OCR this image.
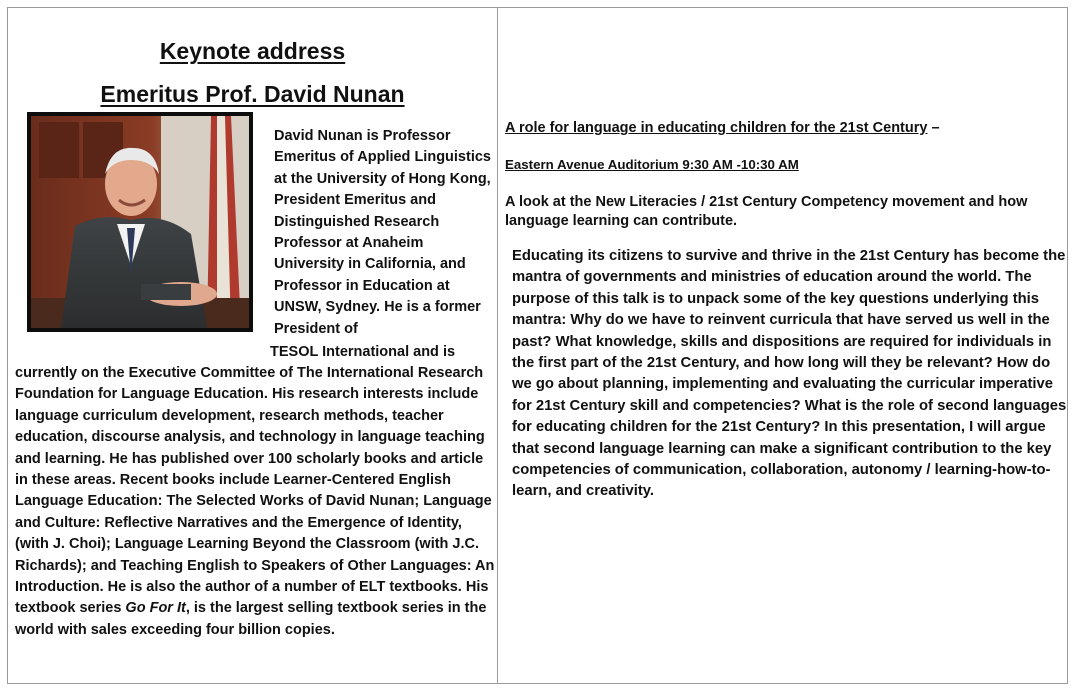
Keynote address
Emeritus Prof. David Nunan

David Nunan is Professor Emeritus of Applied Linguistics at the University of Hong Kong, President Emeritus and Distinguished Research Professor at Anaheim University in California, and Professor in Education at UNSW, Sydney. He is a former President of

TESOL International and is

currently on the Executive Committee of The International Research Foundation for Language Education. His research interests include language curriculum development, research methods, teacher education, discourse analysis, and technology in language teaching and learning. He has published over 100 scholarly books and article in these areas. Recent books include Learner-Centered English Language Education: The Selected Works of David Nunan; Language and Culture: Reflective Narratives and the Emergence of Identity, (with J. Choi); Language Learning Beyond the Classroom (with J.C. Richards); and Teaching English to Speakers of Other Languages: An Introduction. He is also the author of a number of ELT textbooks. His textbook series Go For It, is the largest selling textbook series in the world with sales exceeding four billion copies.

A role for language in educating children for the 21st Century –

Eastern Avenue Auditorium 9:30 AM -10:30 AM

A look at the New Literacies / 21st Century Competency movement and how language learning can contribute.

Educating its citizens to survive and thrive in the 21st Century has become the mantra of governments and ministries of education around the world. The purpose of this talk is to unpack some of the key questions underlying this mantra: Why do we have to reinvent curricula that have served us well in the past? What knowledge, skills and dispositions are required for individuals in the first part of the 21st Century, and how long will they be relevant? How do we go about planning, implementing and evaluating the curricular imperative for 21st Century skill and competencies? What is the role of second languages for educating children for the 21st Century? In this presentation, I will argue that second language learning can make a significant contribution to the key competencies of communication, collaboration, autonomy / learning-how-to-learn, and creativity.
